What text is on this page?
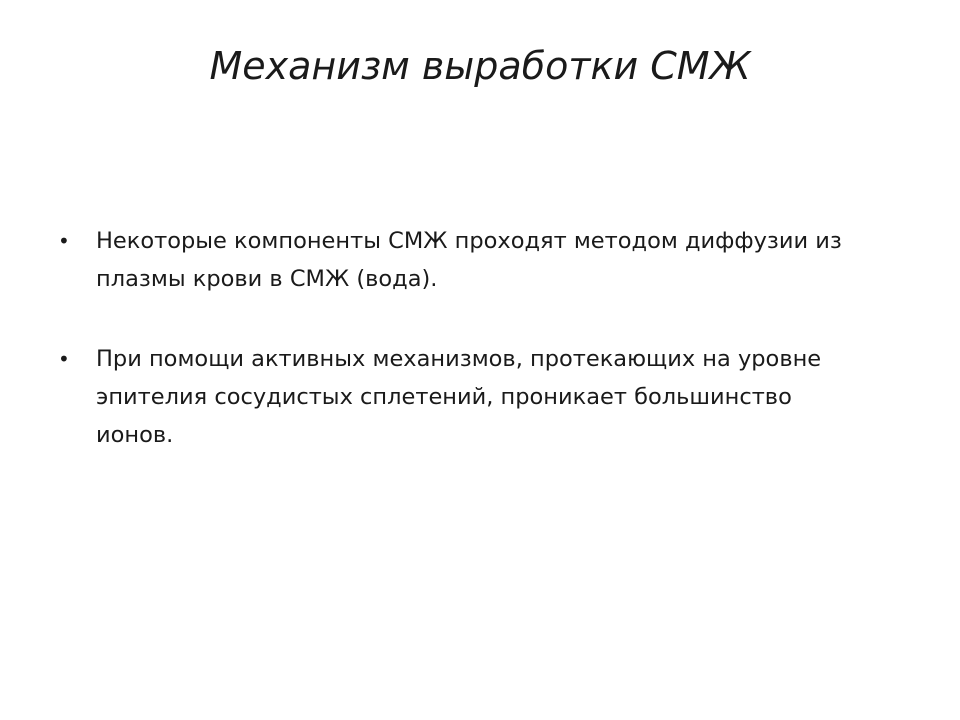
Механизм выработки СМЖ
• Некоторые компоненты СМЖ проходят методом диффузии из плазмы крови в СМЖ (вода).
• При помощи активных механизмов, протекающих на уровне эпителия сосудистых сплетений, проникает большинство ионов.
